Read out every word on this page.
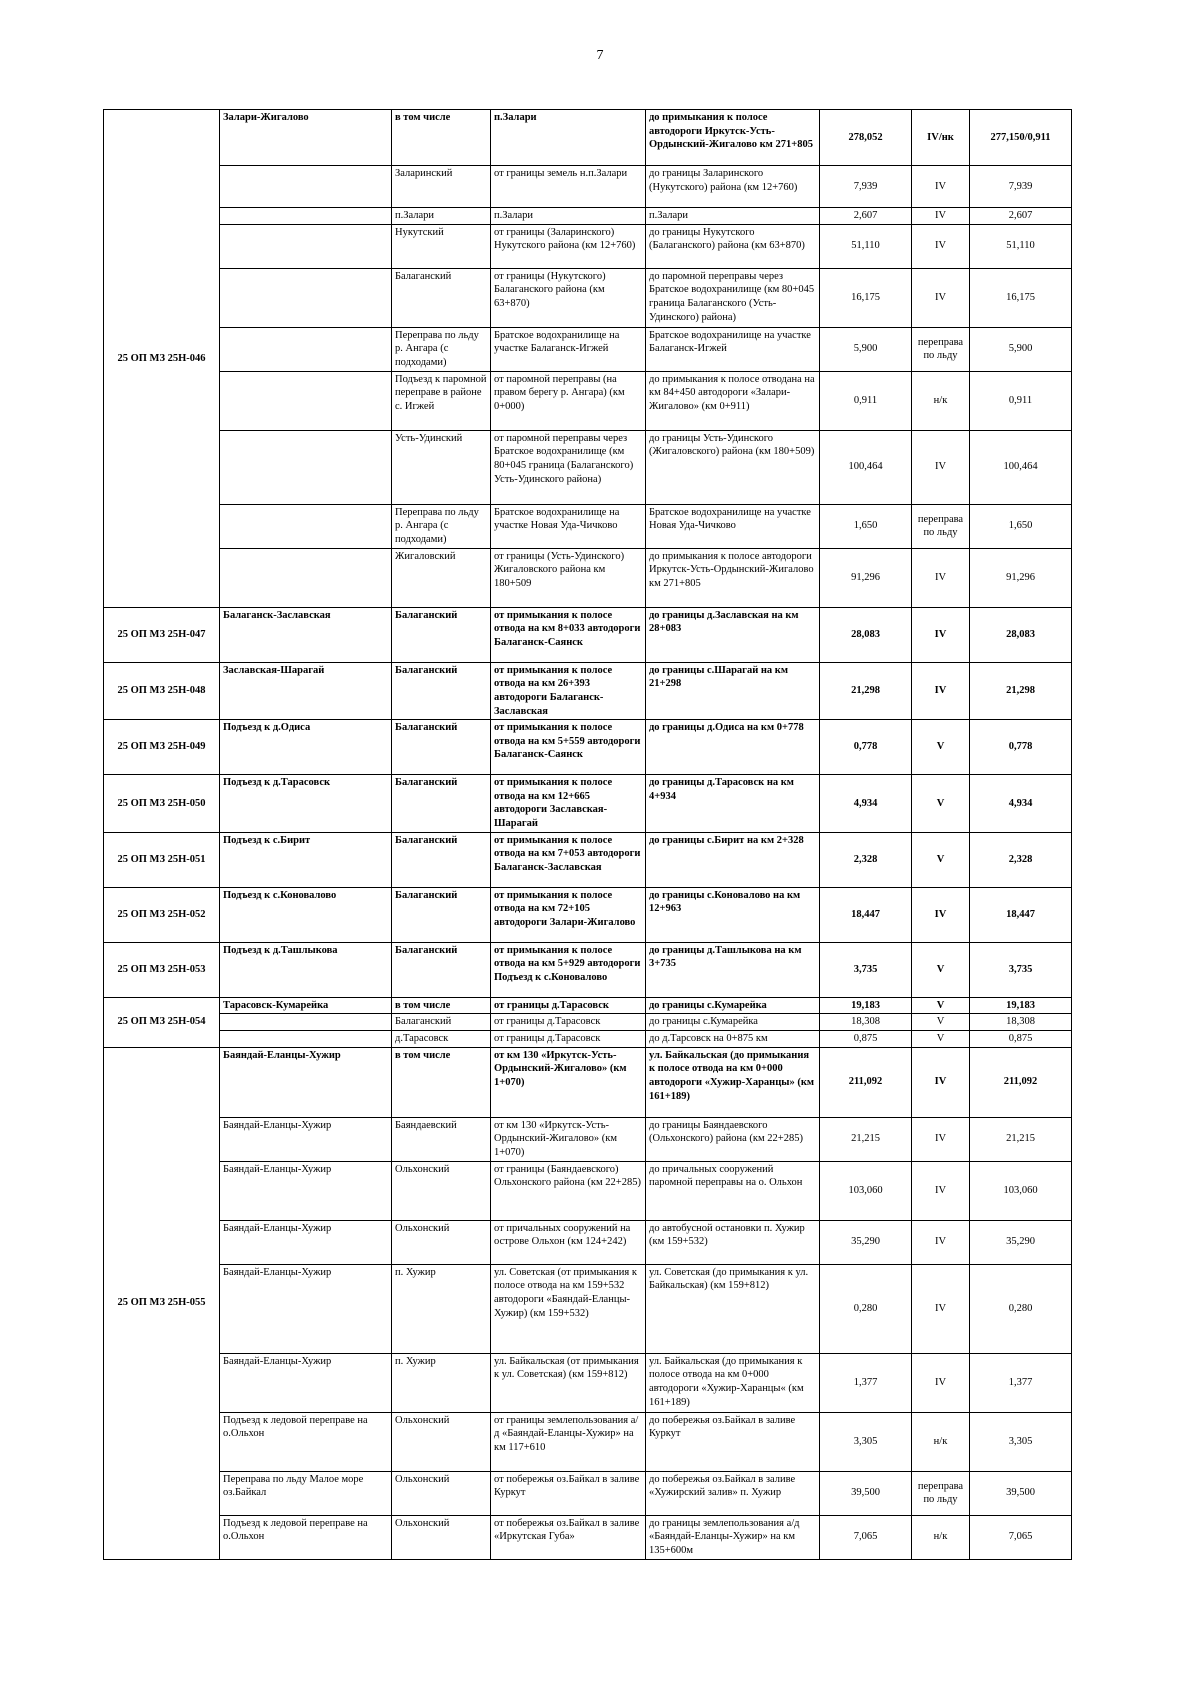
7
25 ОП МЗ 25Н-046	Залари-Жигалово	в том числе	п.Залари	до примыкания к полосе автодороги Иркутск-Усть-Ордынский-Жигалово км 271+805	278,052	IV/нк	277,150/0,911
		Заларинский	от границы земель н.п.Залари	до границы Заларинского (Нукутского) района (км 12+760)	7,939	IV	7,939
		п.Залари	п.Залари	п.Залари	2,607	IV	2,607
		Нукутский	от границы (Заларинского) Нукутского района (км 12+760)	до границы Нукутского (Балаганского) района (км 63+870)	51,110	IV	51,110
		Балаганский	от границы (Нукутского) Балаганского района (км 63+870)	до паромной переправы через Братское водохранилище (км 80+045 граница Балаганского (Усть-Удинского) района)	16,175	IV	16,175
		Переправа по льду р. Ангара (с подходами)	Братское водохранилище на участке Балаганск-Игжей	Братское водохранилище на участке Балаганск-Игжей	5,900	переправа по льду	5,900
		Подъезд к паромной переправе в районе с. Игжей	от паромной переправы (на правом берегу р. Ангара) (км 0+000)	до примыкания к полосе отводана на км 84+450 автодороги «Залари-Жигалово» (км 0+911)	0,911	н/к	0,911
		Усть-Удинский	от паромной переправы через Братское водохранилище (км 80+045 граница (Балаганского) Усть-Удинского района)	до границы Усть-Удинского (Жигаловского) района (км 180+509)	100,464	IV	100,464
		Переправа по льду р. Ангара (с подходами)	Братское водохранилище на участке Новая Уда-Чичково	Братское водохранилище на участке Новая Уда-Чичково	1,650	переправа по льду	1,650
		Жигаловский	от границы (Усть-Удинского) Жигаловского района км 180+509	до примыкания к полосе автодороги Иркутск-Усть-Ордынский-Жигалово км 271+805	91,296	IV	91,296
25 ОП МЗ 25Н-047	Балаганск-Заславская	Балаганский	от примыкания к полосе отвода на км 8+033 автодороги Балаганск-Саянск	до границы д.Заславская на км 28+083	28,083	IV	28,083
25 ОП МЗ 25Н-048	Заславская-Шарагай	Балаганский	от примыкания к полосе отвода на км 26+393 автодороги Балаганск-Заславская	до границы с.Шарагай на км 21+298	21,298	IV	21,298
25 ОП МЗ 25Н-049	Подъезд к д.Одиса	Балаганский	от примыкания к полосе отвода на км 5+559 автодороги Балаганск-Саянск	до границы д.Одиса на км 0+778	0,778	V	0,778
25 ОП МЗ 25Н-050	Подъезд к д.Тарасовск	Балаганский	от примыкания к полосе отвода на км 12+665 автодороги Заславская-Шарагай	до границы д.Тарасовск на км 4+934	4,934	V	4,934
25 ОП МЗ 25Н-051	Подъезд к с.Бирит	Балаганский	от примыкания к полосе отвода на км 7+053 автодороги Балаганск-Заславская	до границы с.Бирит на км 2+328	2,328	V	2,328
25 ОП МЗ 25Н-052	Подъезд к с.Коновалово	Балаганский	от примыкания к полосе отвода на км 72+105 автодороги Залари-Жигалово	до границы с.Коновалово на км 12+963	18,447	IV	18,447
25 ОП МЗ 25Н-053	Подъезд к д.Ташлыкова	Балаганский	от примыкания к полосе отвода на км 5+929 автодороги Подъезд к с.Коновалово	до границы д.Ташлыкова на км 3+735	3,735	V	3,735
25 ОП МЗ 25Н-054	Тарасовск-Кумарейка	в том числе	от границы д.Тарасовск	до границы с.Кумарейка	19,183	V	19,183
		Балаганский	от границы д.Тарасовск	до границы с.Кумарейка	18,308	V	18,308
		д.Тарасовск	от границы д.Тарасовск	до д.Тарсовск на 0+875 км	0,875	V	0,875
25 ОП МЗ 25Н-055	Баяндай-Еланцы-Хужир	в том числе	от км 130 «Иркутск-Усть-Ордынский-Жигалово» (км 1+070)	ул. Байкальская (до примыкания к полосе отвода на км 0+000 автодороги «Хужир-Харанцы» (км 161+189)	211,092	IV	211,092
	Баяндай-Еланцы-Хужир	Баяндаевский	от км 130 «Иркутск-Усть-Ордынский-Жигалово» (км 1+070)	до границы Баяндаевского (Ольхонского) района (км 22+285)	21,215	IV	21,215
	Баяндай-Еланцы-Хужир	Ольхонский	от границы (Баяндаевского) Ольхонского района (км 22+285)	до причальных сооружений паромной переправы на о. Ольхон	103,060	IV	103,060
	Баяндай-Еланцы-Хужир	Ольхонский	от причальных сооружений на острове Ольхон (км 124+242)	до автобусной остановки п. Хужир (км 159+532)	35,290	IV	35,290
	Баяндай-Еланцы-Хужир	п. Хужир	ул. Советская (от примыкания к полосе отвода на км 159+532 автодороги «Баяндай-Еланцы-Хужир) (км 159+532)	ул. Советская (до примыкания к ул. Байкальская) (км 159+812)	0,280	IV	0,280
	Баяндай-Еланцы-Хужир	п. Хужир	ул. Байкальская (от примыкания к ул. Советская) (км 159+812)	ул. Байкальская (до примыкания к полосе отвода на км 0+000 автодороги «Хужир-Харанцы« (км 161+189)	1,377	IV	1,377
	Подъезд к ледовой переправе на о.Ольхон	Ольхонский	от границы землепользования а/д «Баяндай-Еланцы-Хужир» на км 117+610	до побережья оз.Байкал в заливе Куркут	3,305	н/к	3,305
	Переправа по льду Малое море оз.Байкал	Ольхонский	от побережья оз.Байкал в заливе Куркут	до побережья оз.Байкал в заливе «Хужирский залив» п. Хужир	39,500	переправа по льду	39,500
	Подъезд к ледовой переправе на о.Ольхон	Ольхонский	от побережья оз.Байкал в заливе «Иркутская Губа»	до границы землепользования а/д «Баяндай-Еланцы-Хужир» на км 135+600м	7,065	н/к	7,065
